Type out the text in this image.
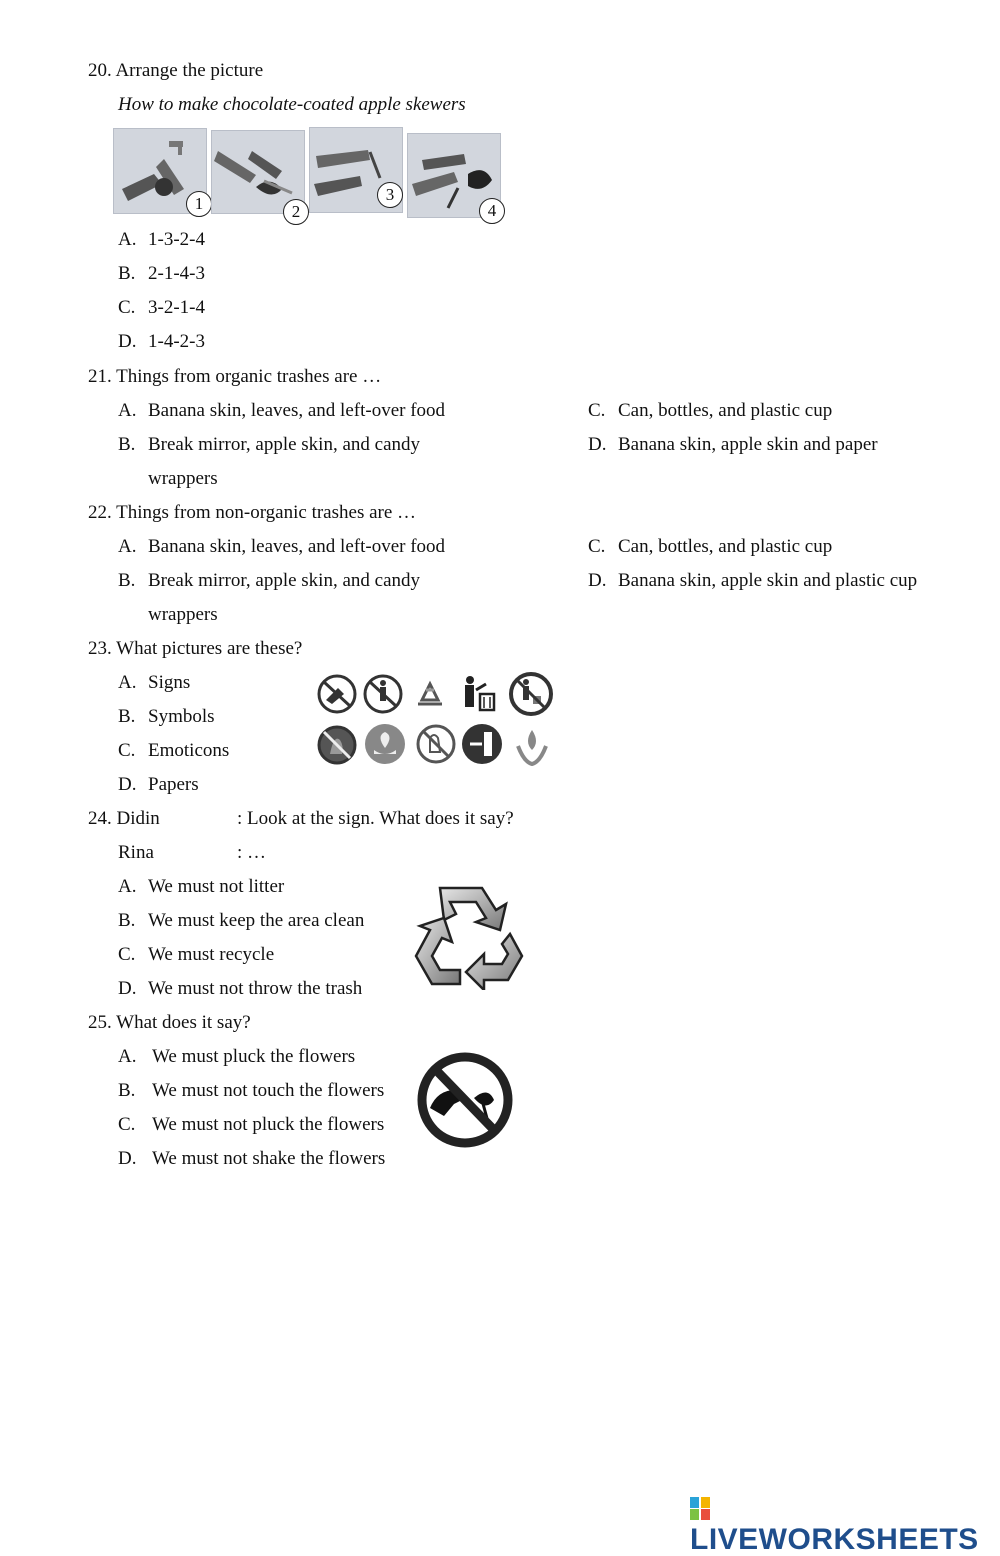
20. Arrange the picture
How to make chocolate-coated apple skewers
1	2
3
4
A. 1-3-2-4
B. 2-1-4-3
C. 3-2-1-4
D. 1-4-2-3
21. Things from organic trashes are …
A. Banana skin, leaves, and left-over food
B. Break mirror, apple skin, and candy
wrappers
C. Can, bottles, and plastic cup
D. Banana skin, apple skin and paper
22. Things from non-organic trashes are …
A. Banana skin, leaves, and left-over food
B. Break mirror, apple skin, and candy
wrappers
C. Can, bottles, and plastic cup
D. Banana skin, apple skin and plastic cup
23. What pictures are these?
A. Signs
B. Symbols
C. Emoticons
D. Papers
24. Didin	: Look at the sign. What does it say?
Rina	: …
A. We must not litter
B. We must keep the area clean
C. We must recycle
D. We must not throw the trash
25. What does it say?
A. We must pluck the flowers
B. We must not touch the flowers
C. We must not pluck the flowers
D. We must not shake the flowers
LIVEWORKSHEETS
